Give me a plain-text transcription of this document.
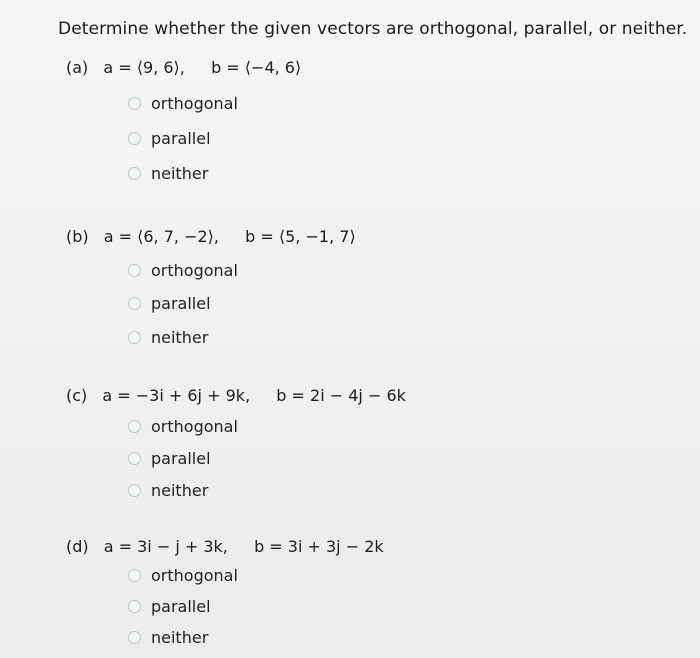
Determine whether the given vectors are orthogonal, parallel, or neither.
(a) a = ⟨9, 6⟩, b = ⟨−4, 6⟩
orthogonal
parallel
neither
(b) a = ⟨6, 7, −2⟩, b = ⟨5, −1, 7⟩
orthogonal
parallel
neither
(c) a = −3i + 6j + 9k, b = 2i − 4j − 6k
orthogonal
parallel
neither
(d) a = 3i − j + 3k, b = 3i + 3j − 2k
orthogonal
parallel
neither
